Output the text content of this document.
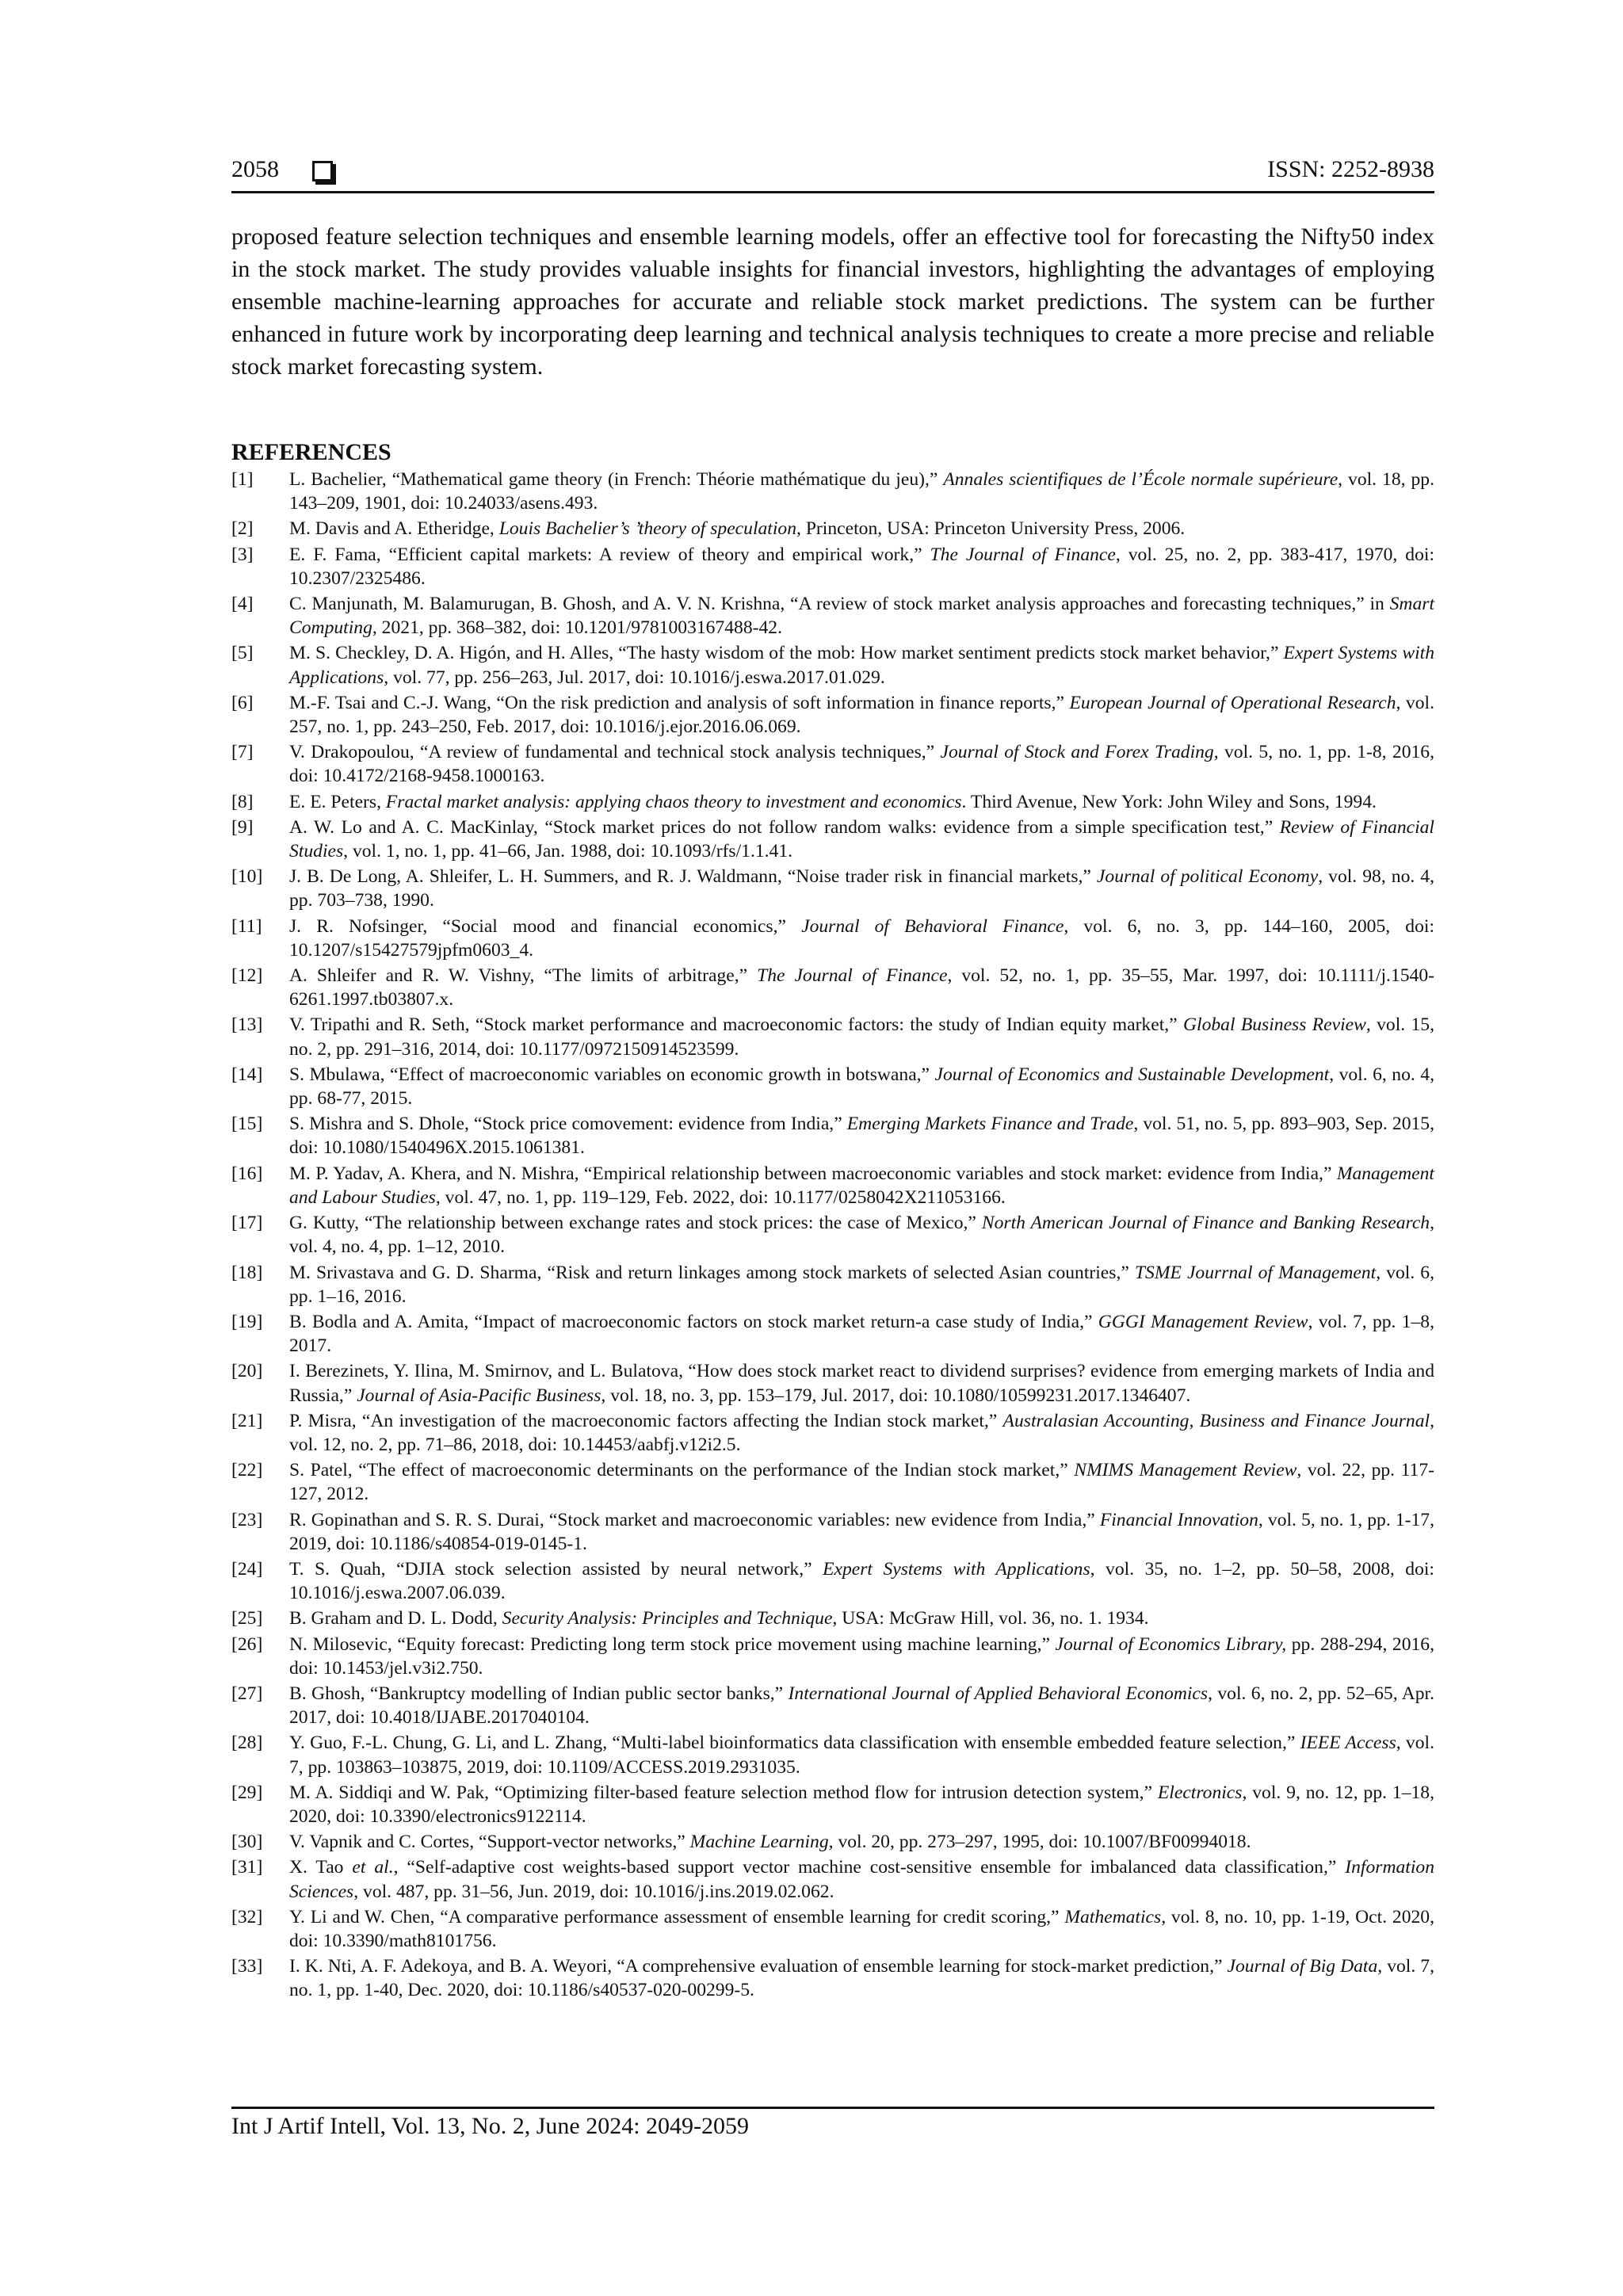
2058	ISSN: 2252-8938

proposed feature selection techniques and ensemble learning models, offer an effective tool for forecasting the Nifty50 index in the stock market. The study provides valuable insights for financial investors, highlighting the advantages of employing ensemble machine-learning approaches for accurate and reliable stock market predictions. The system can be further enhanced in future work by incorporating deep learning and technical analysis techniques to create a more precise and reliable stock market forecasting system.

REFERENCES
[1]	L. Bachelier, “Mathematical game theory (in French: Théorie mathématique du jeu),” Annales scientifiques de l’École normale supérieure, vol. 18, pp. 143–209, 1901, doi: 10.24033/asens.493.
[2]	M. Davis and A. Etheridge, Louis Bachelier’s ’theory of speculation, Princeton, USA: Princeton University Press, 2006.
[3]	E. F. Fama, “Efficient capital markets: A review of theory and empirical work,” The Journal of Finance, vol. 25, no. 2, pp. 383-417, 1970, doi: 10.2307/2325486.
[4]	C. Manjunath, M. Balamurugan, B. Ghosh, and A. V. N. Krishna, “A review of stock market analysis approaches and forecasting techniques,” in Smart Computing, 2021, pp. 368–382, doi: 10.1201/9781003167488-42.
[5]	M. S. Checkley, D. A. Higón, and H. Alles, “The hasty wisdom of the mob: How market sentiment predicts stock market behavior,” Expert Systems with Applications, vol. 77, pp. 256–263, Jul. 2017, doi: 10.1016/j.eswa.2017.01.029.
[6]	M.-F. Tsai and C.-J. Wang, “On the risk prediction and analysis of soft information in finance reports,” European Journal of Operational Research, vol. 257, no. 1, pp. 243–250, Feb. 2017, doi: 10.1016/j.ejor.2016.06.069.
[7]	V. Drakopoulou, “A review of fundamental and technical stock analysis techniques,” Journal of Stock and Forex Trading, vol. 5, no. 1, pp. 1-8, 2016, doi: 10.4172/2168-9458.1000163.
[8]	E. E. Peters, Fractal market analysis: applying chaos theory to investment and economics. Third Avenue, New York: John Wiley and Sons, 1994.
[9]	A. W. Lo and A. C. MacKinlay, “Stock market prices do not follow random walks: evidence from a simple specification test,” Review of Financial Studies, vol. 1, no. 1, pp. 41–66, Jan. 1988, doi: 10.1093/rfs/1.1.41.
[10]	J. B. De Long, A. Shleifer, L. H. Summers, and R. J. Waldmann, “Noise trader risk in financial markets,” Journal of political Economy, vol. 98, no. 4, pp. 703–738, 1990.
[11]	J. R. Nofsinger, “Social mood and financial economics,” Journal of Behavioral Finance, vol. 6, no. 3, pp. 144–160, 2005, doi: 10.1207/s15427579jpfm0603_4.
[12]	A. Shleifer and R. W. Vishny, “The limits of arbitrage,” The Journal of Finance, vol. 52, no. 1, pp. 35–55, Mar. 1997, doi: 10.1111/j.1540-6261.1997.tb03807.x.
[13]	V. Tripathi and R. Seth, “Stock market performance and macroeconomic factors: the study of Indian equity market,” Global Business Review, vol. 15, no. 2, pp. 291–316, 2014, doi: 10.1177/0972150914523599.
[14]	S. Mbulawa, “Effect of macroeconomic variables on economic growth in botswana,” Journal of Economics and Sustainable Development, vol. 6, no. 4, pp. 68-77, 2015.
[15]	S. Mishra and S. Dhole, “Stock price comovement: evidence from India,” Emerging Markets Finance and Trade, vol. 51, no. 5, pp. 893–903, Sep. 2015, doi: 10.1080/1540496X.2015.1061381.
[16]	M. P. Yadav, A. Khera, and N. Mishra, “Empirical relationship between macroeconomic variables and stock market: evidence from India,” Management and Labour Studies, vol. 47, no. 1, pp. 119–129, Feb. 2022, doi: 10.1177/0258042X211053166.
[17]	G. Kutty, “The relationship between exchange rates and stock prices: the case of Mexico,” North American Journal of Finance and Banking Research, vol. 4, no. 4, pp. 1–12, 2010.
[18]	M. Srivastava and G. D. Sharma, “Risk and return linkages among stock markets of selected Asian countries,” TSME Jourrnal of Management, vol. 6, pp. 1–16, 2016.
[19]	B. Bodla and A. Amita, “Impact of macroeconomic factors on stock market return-a case study of India,” GGGI Management Review, vol. 7, pp. 1–8, 2017.
[20]	I. Berezinets, Y. Ilina, M. Smirnov, and L. Bulatova, “How does stock market react to dividend surprises? evidence from emerging markets of India and Russia,” Journal of Asia-Pacific Business, vol. 18, no. 3, pp. 153–179, Jul. 2017, doi: 10.1080/10599231.2017.1346407.
[21]	P. Misra, “An investigation of the macroeconomic factors affecting the Indian stock market,” Australasian Accounting, Business and Finance Journal, vol. 12, no. 2, pp. 71–86, 2018, doi: 10.14453/aabfj.v12i2.5.
[22]	S. Patel, “The effect of macroeconomic determinants on the performance of the Indian stock market,” NMIMS Management Review, vol. 22, pp. 117-127, 2012.
[23]	R. Gopinathan and S. R. S. Durai, “Stock market and macroeconomic variables: new evidence from India,” Financial Innovation, vol. 5, no. 1, pp. 1-17, 2019, doi: 10.1186/s40854-019-0145-1.
[24]	T. S. Quah, “DJIA stock selection assisted by neural network,” Expert Systems with Applications, vol. 35, no. 1–2, pp. 50–58, 2008, doi: 10.1016/j.eswa.2007.06.039.
[25]	B. Graham and D. L. Dodd, Security Analysis: Principles and Technique, USA: McGraw Hill, vol. 36, no. 1. 1934.
[26]	N. Milosevic, “Equity forecast: Predicting long term stock price movement using machine learning,” Journal of Economics Library, pp. 288-294, 2016, doi: 10.1453/jel.v3i2.750.
[27]	B. Ghosh, “Bankruptcy modelling of Indian public sector banks,” International Journal of Applied Behavioral Economics, vol. 6, no. 2, pp. 52–65, Apr. 2017, doi: 10.4018/IJABE.2017040104.
[28]	Y. Guo, F.-L. Chung, G. Li, and L. Zhang, “Multi-label bioinformatics data classification with ensemble embedded feature selection,” IEEE Access, vol. 7, pp. 103863–103875, 2019, doi: 10.1109/ACCESS.2019.2931035.
[29]	M. A. Siddiqi and W. Pak, “Optimizing filter-based feature selection method flow for intrusion detection system,” Electronics, vol. 9, no. 12, pp. 1–18, 2020, doi: 10.3390/electronics9122114.
[30]	V. Vapnik and C. Cortes, “Support-vector networks,” Machine Learning, vol. 20, pp. 273–297, 1995, doi: 10.1007/BF00994018.
[31]	X. Tao et al., “Self-adaptive cost weights-based support vector machine cost-sensitive ensemble for imbalanced data classification,” Information Sciences, vol. 487, pp. 31–56, Jun. 2019, doi: 10.1016/j.ins.2019.02.062.
[32]	Y. Li and W. Chen, “A comparative performance assessment of ensemble learning for credit scoring,” Mathematics, vol. 8, no. 10, pp. 1-19, Oct. 2020, doi: 10.3390/math8101756.
[33]	I. K. Nti, A. F. Adekoya, and B. A. Weyori, “A comprehensive evaluation of ensemble learning for stock-market prediction,” Journal of Big Data, vol. 7, no. 1, pp. 1-40, Dec. 2020, doi: 10.1186/s40537-020-00299-5.
Int J Artif Intell, Vol. 13, No. 2, June 2024: 2049-2059
